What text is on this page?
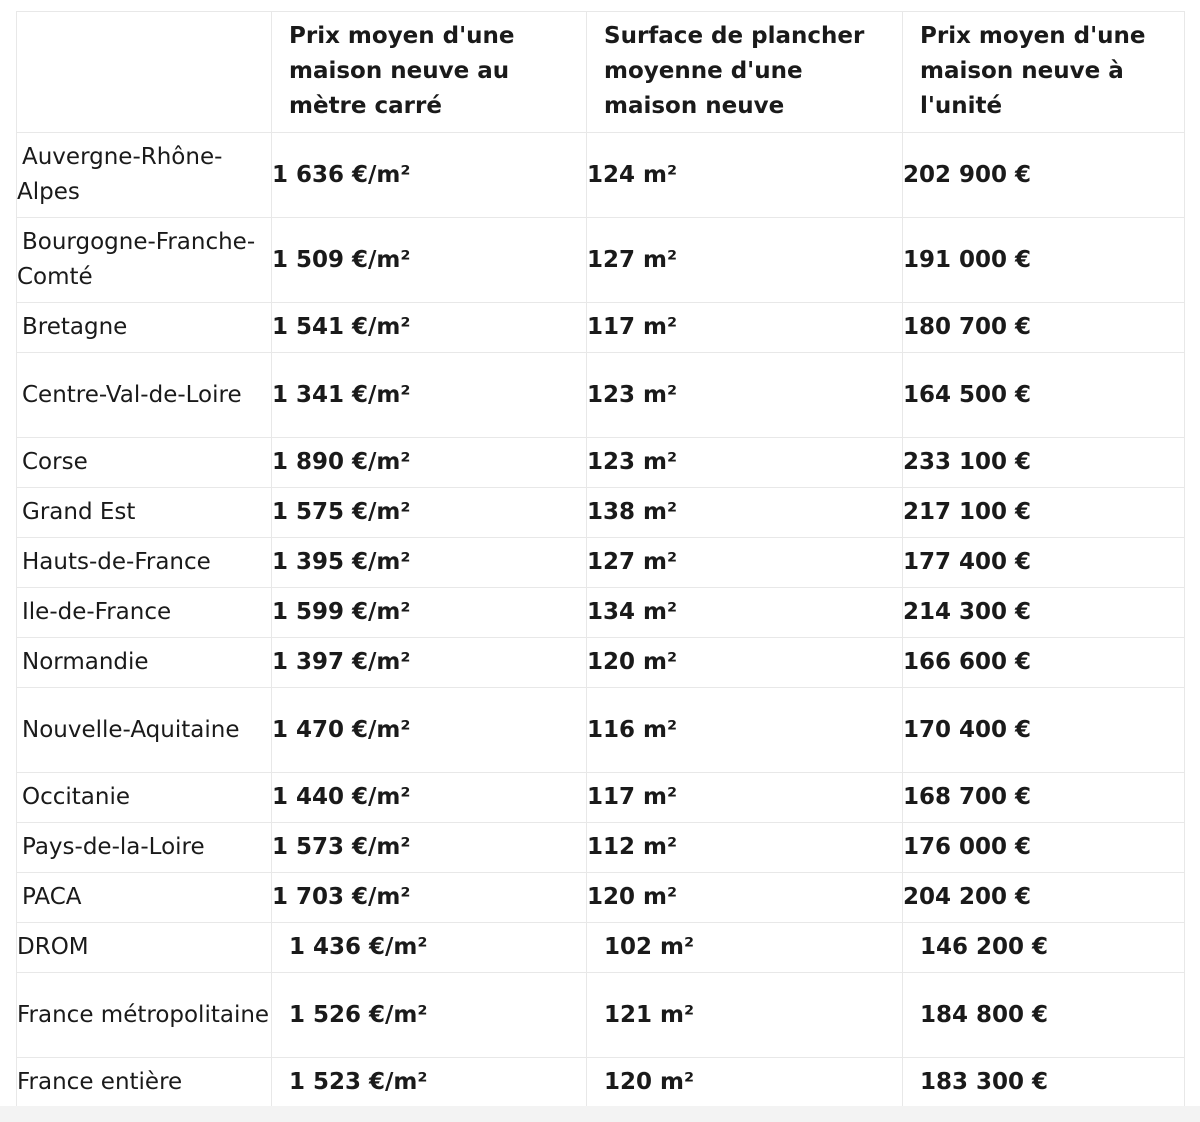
	Prix moyen d'une maison neuve au mètre carré	Surface de plancher moyenne d'une maison neuve	Prix moyen d'une maison neuve à l'unité
Auvergne-Rhône-Alpes	1 636 €/m²	124 m²	202 900 €
Bourgogne-Franche-Comté	1 509 €/m²	127 m²	191 000 €
Bretagne	1 541 €/m²	117 m²	180 700 €
Centre-Val-de-Loire	1 341 €/m²	123 m²	164 500 €
Corse	1 890 €/m²	123 m²	233 100 €
Grand Est	1 575 €/m²	138 m²	217 100 €
Hauts-de-France	1 395 €/m²	127 m²	177 400 €
Ile-de-France	1 599 €/m²	134 m²	214 300 €
Normandie	1 397 €/m²	120 m²	166 600 €
Nouvelle-Aquitaine	1 470 €/m²	116 m²	170 400 €
Occitanie	1 440 €/m²	117 m²	168 700 €
Pays-de-la-Loire	1 573 €/m²	112 m²	176 000 €
PACA	1 703 €/m²	120 m²	204 200 €
DROM	1 436 €/m²	102 m²	146 200 €
France métropolitaine	1 526 €/m²	121 m²	184 800 €
France entière	1 523 €/m²	120 m²	183 300 €
